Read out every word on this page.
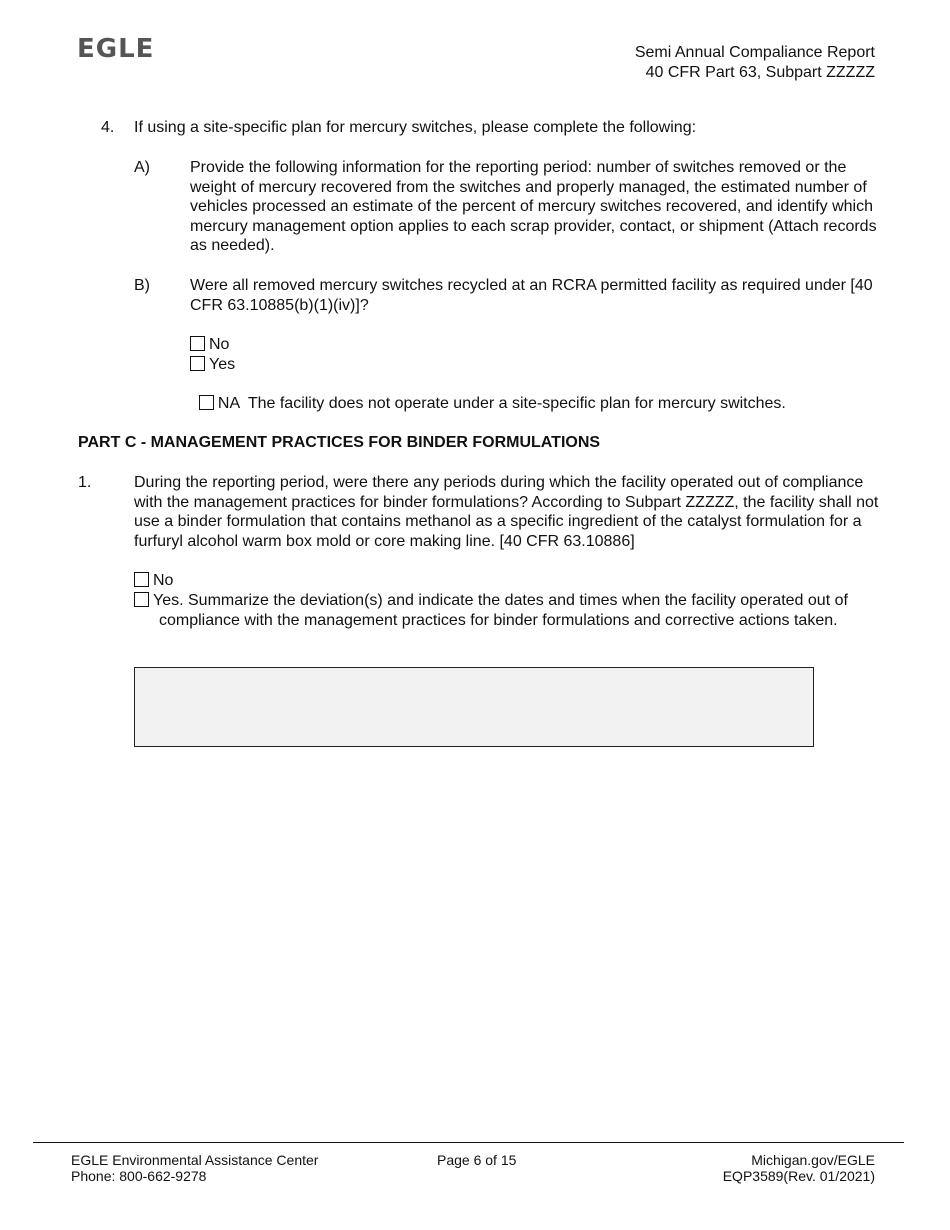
EGLE	Semi Annual Compaliance Report
40 CFR Part 63, Subpart ZZZZZ
4. If using a site-specific plan for mercury switches, please complete the following:

A)	Provide the following information for the reporting period: number of switches removed or the weight of mercury recovered from the switches and properly managed, the estimated number of vehicles processed an estimate of the percent of mercury switches recovered, and identify which mercury management option applies to each scrap provider, contact, or shipment (Attach records as needed).

B)	Were all removed mercury switches recycled at an RCRA permitted facility as required under [40 CFR 63.10885(b)(1)(iv)]?

No
Yes

NA  The facility does not operate under a site-specific plan for mercury switches.

PART C - MANAGEMENT PRACTICES FOR BINDER FORMULATIONS
1.	During the reporting period, were there any periods during which the facility operated out of compliance with the management practices for binder formulations? According to Subpart ZZZZZ, the facility shall not use a binder formulation that contains methanol as a specific ingredient of the catalyst formulation for a furfuryl alcohol warm box mold or core making line. [40 CFR 63.10886]

No
Yes. Summarize the deviation(s) and indicate the dates and times when the facility operated out of compliance with the management practices for binder formulations and corrective actions taken.
EGLE Environmental Assistance Center
Phone: 800-662-9278
Page 6 of 15	Michigan.gov/EGLE
EQP3589(Rev. 01/2021)
